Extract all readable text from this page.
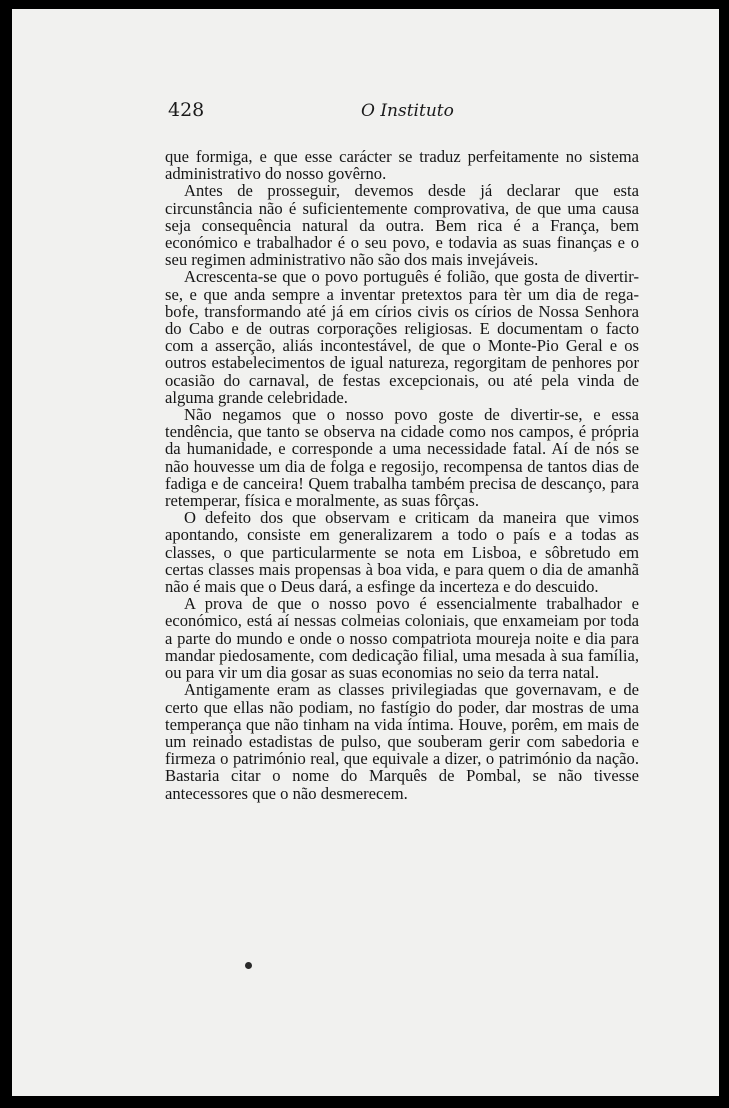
428	O Instituto

que formiga, e que esse carácter se traduz perfeitamente no sistema administrativo do nosso govêrno.

Antes de prosseguir, devemos desde já declarar que esta circunstância não é suficientemente comprovativa, de que uma causa seja consequência natural da outra. Bem rica é a França, bem económico e trabalhador é o seu povo, e todavia as suas finanças e o seu regimen administrativo não são dos mais invejáveis.

Acrescenta-se que o povo português é folião, que gosta de divertir-se, e que anda sempre a inventar pretextos para tèr um dia de rega-bofe, transformando até já em círios civis os círios de Nossa Senhora do Cabo e de outras corporações religiosas. E documentam o facto com a asserção, aliás incontestável, de que o Monte-Pio Geral e os outros estabelecimentos de igual natureza, regorgitam de penhores por ocasião do carnaval, de festas excepcionais, ou até pela vinda de alguma grande celebridade.

Não negamos que o nosso povo goste de divertir-se, e essa tendência, que tanto se observa na cidade como nos campos, é própria da humanidade, e corresponde a uma necessidade fatal. Aí de nós se não houvesse um dia de folga e regosijo, recompensa de tantos dias de fadiga e de canceira! Quem trabalha também precisa de descanço, para retemperar, física e moralmente, as suas fôrças.

O defeito dos que observam e criticam da maneira que vimos apontando, consiste em generalizarem a todo o país e a todas as classes, o que particularmente se nota em Lisboa, e sôbretudo em certas classes mais propensas à boa vida, e para quem o dia de amanhã não é mais que o Deus dará, a esfinge da incerteza e do descuido.

A prova de que o nosso povo é essencialmente trabalhador e económico, está aí nessas colmeias coloniais, que enxameiam por toda a parte do mundo e onde o nosso compatriota moureja noite e dia para mandar piedosamente, com dedicação filial, uma mesada à sua família, ou para vir um dia gosar as suas economias no seio da terra natal.

Antigamente eram as classes privilegiadas que governavam, e de certo que ellas não podiam, no fastígio do poder, dar mostras de uma temperança que não tinham na vida íntima. Houve, porêm, em mais de um reinado estadistas de pulso, que souberam gerir com sabedoria e firmeza o património real, que equivale a dizer, o património da nação. Bastaria citar o nome do Marquês de Pombal, se não tivesse antecessores que o não desmerecem.
